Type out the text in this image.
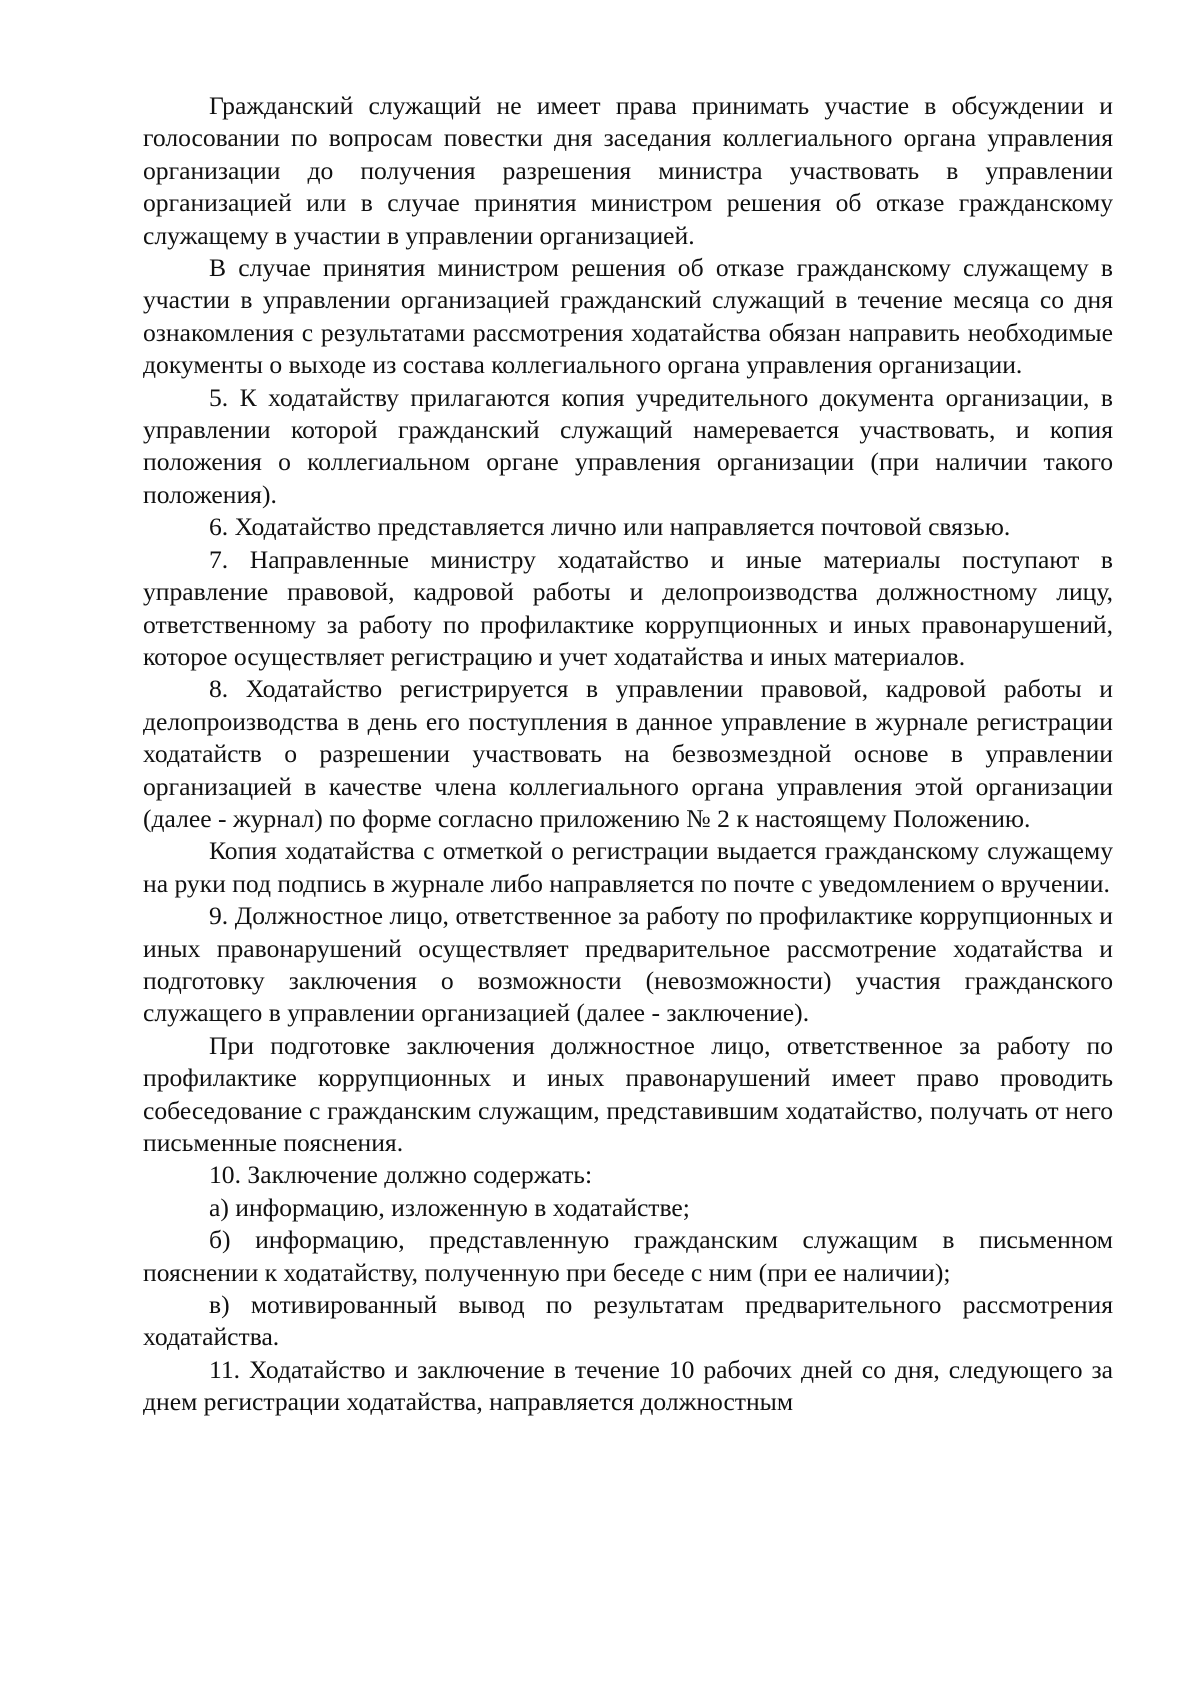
Гражданский служащий не имеет права принимать участие в обсуждении и голосовании по вопросам повестки дня заседания коллегиального органа управления организации до получения разрешения министра участвовать в управлении организацией или в случае принятия министром решения об отказе гражданскому служащему в участии в управлении организацией.

В случае принятия министром решения об отказе гражданскому служащему в участии в управлении организацией гражданский служащий в течение месяца со дня ознакомления с результатами рассмотрения ходатайства обязан направить необходимые документы о выходе из состава коллегиального органа управления организации.

5. К ходатайству прилагаются копия учредительного документа организации, в управлении которой гражданский служащий намеревается участвовать, и копия положения о коллегиальном органе управления организации (при наличии такого положения).

6. Ходатайство представляется лично или направляется почтовой связью.

7. Направленные министру ходатайство и иные материалы поступают в управление правовой, кадровой работы и делопроизводства должностному лицу, ответственному за работу по профилактике коррупционных и иных правонарушений, которое осуществляет регистрацию и учет ходатайства и иных материалов.

8. Ходатайство регистрируется в управлении правовой, кадровой работы и делопроизводства в день его поступления в данное управление в журнале регистрации ходатайств о разрешении участвовать на безвозмездной основе в управлении организацией в качестве члена коллегиального органа управления этой организации (далее - журнал) по форме согласно приложению № 2 к настоящему Положению.

Копия ходатайства с отметкой о регистрации выдается гражданскому служащему на руки под подпись в журнале либо направляется по почте с уведомлением о вручении.

9. Должностное лицо, ответственное за работу по профилактике коррупционных и иных правонарушений осуществляет предварительное рассмотрение ходатайства и подготовку заключения о возможности (невозможности) участия гражданского служащего в управлении организацией (далее - заключение).

При подготовке заключения должностное лицо, ответственное за работу по профилактике коррупционных и иных правонарушений имеет право проводить собеседование с гражданским служащим, представившим ходатайство, получать от него письменные пояснения.

10. Заключение должно содержать:

а) информацию, изложенную в ходатайстве;

б) информацию, представленную гражданским служащим в письменном пояснении к ходатайству, полученную при беседе с ним (при ее наличии);

в) мотивированный вывод по результатам предварительного рассмотрения ходатайства.

11. Ходатайство и заключение в течение 10 рабочих дней со дня, следующего за днем регистрации ходатайства, направляется должностным
